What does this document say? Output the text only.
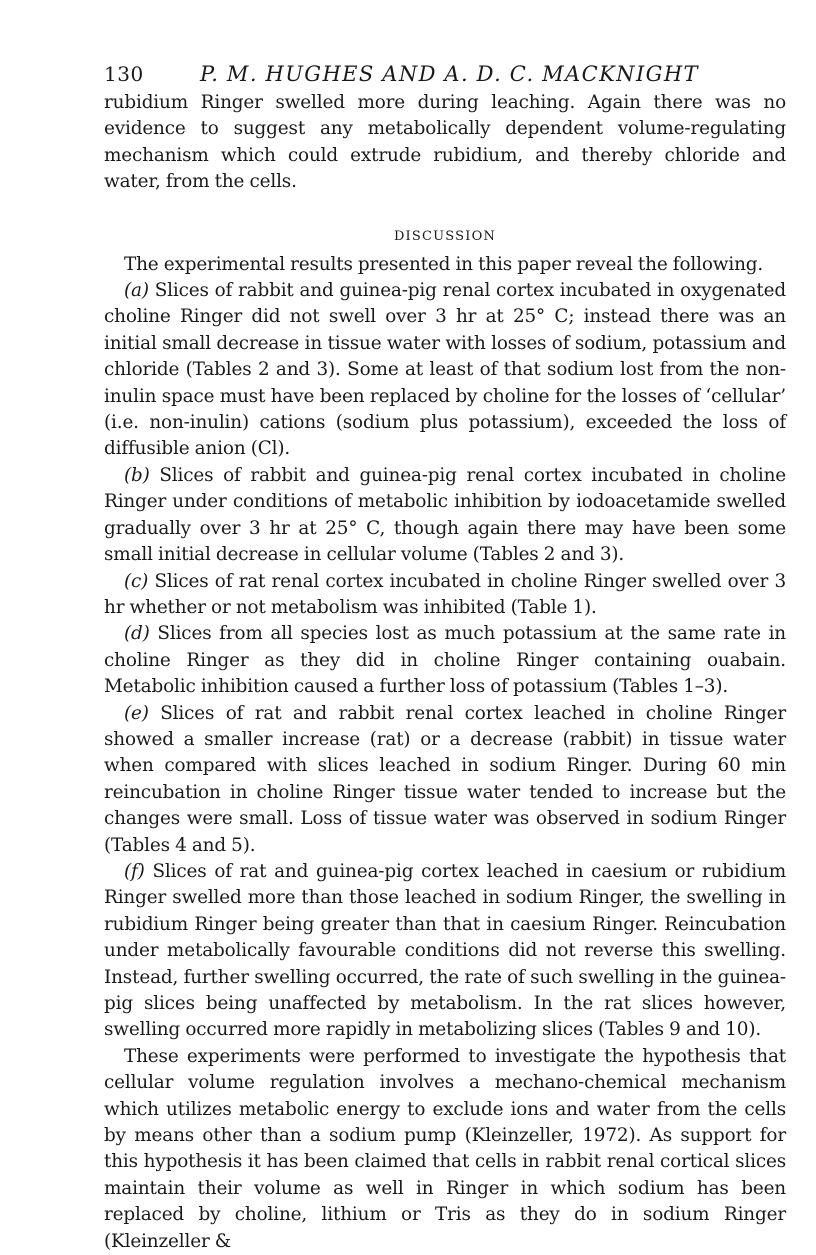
130	P. M. HUGHES AND A. D. C. MACKNIGHT

rubidium Ringer swelled more during leaching. Again there was no evidence to suggest any metabolically dependent volume-regulating mechanism which could extrude rubidium, and thereby chloride and water, from the cells.

DISCUSSION

The experimental results presented in this paper reveal the following.

(a) Slices of rabbit and guinea-pig renal cortex incubated in oxygenated choline Ringer did not swell over 3 hr at 25° C; instead there was an initial small decrease in tissue water with losses of sodium, potassium and chloride (Tables 2 and 3). Some at least of that sodium lost from the non-inulin space must have been replaced by choline for the losses of ‘cellular’ (i.e. non-inulin) cations (sodium plus potassium), exceeded the loss of diffusible anion (Cl).

(b) Slices of rabbit and guinea-pig renal cortex incubated in choline Ringer under conditions of metabolic inhibition by iodoacetamide swelled gradually over 3 hr at 25° C, though again there may have been some small initial decrease in cellular volume (Tables 2 and 3).

(c) Slices of rat renal cortex incubated in choline Ringer swelled over 3 hr whether or not metabolism was inhibited (Table 1).

(d) Slices from all species lost as much potassium at the same rate in choline Ringer as they did in choline Ringer containing ouabain. Metabolic inhibition caused a further loss of potassium (Tables 1–3).

(e) Slices of rat and rabbit renal cortex leached in choline Ringer showed a smaller increase (rat) or a decrease (rabbit) in tissue water when compared with slices leached in sodium Ringer. During 60 min reincubation in choline Ringer tissue water tended to increase but the changes were small. Loss of tissue water was observed in sodium Ringer (Tables 4 and 5).

(f) Slices of rat and guinea-pig cortex leached in caesium or rubidium Ringer swelled more than those leached in sodium Ringer, the swelling in rubidium Ringer being greater than that in caesium Ringer. Reincubation under metabolically favourable conditions did not reverse this swelling. Instead, further swelling occurred, the rate of such swelling in the guinea-pig slices being unaffected by metabolism. In the rat slices however, swelling occurred more rapidly in metabolizing slices (Tables 9 and 10).

These experiments were performed to investigate the hypothesis that cellular volume regulation involves a mechano-chemical mechanism which utilizes metabolic energy to exclude ions and water from the cells by means other than a sodium pump (Kleinzeller, 1972). As support for this hypothesis it has been claimed that cells in rabbit renal cortical slices maintain their volume as well in Ringer in which sodium has been replaced by choline, lithium or Tris as they do in sodium Ringer (Kleinzeller &
